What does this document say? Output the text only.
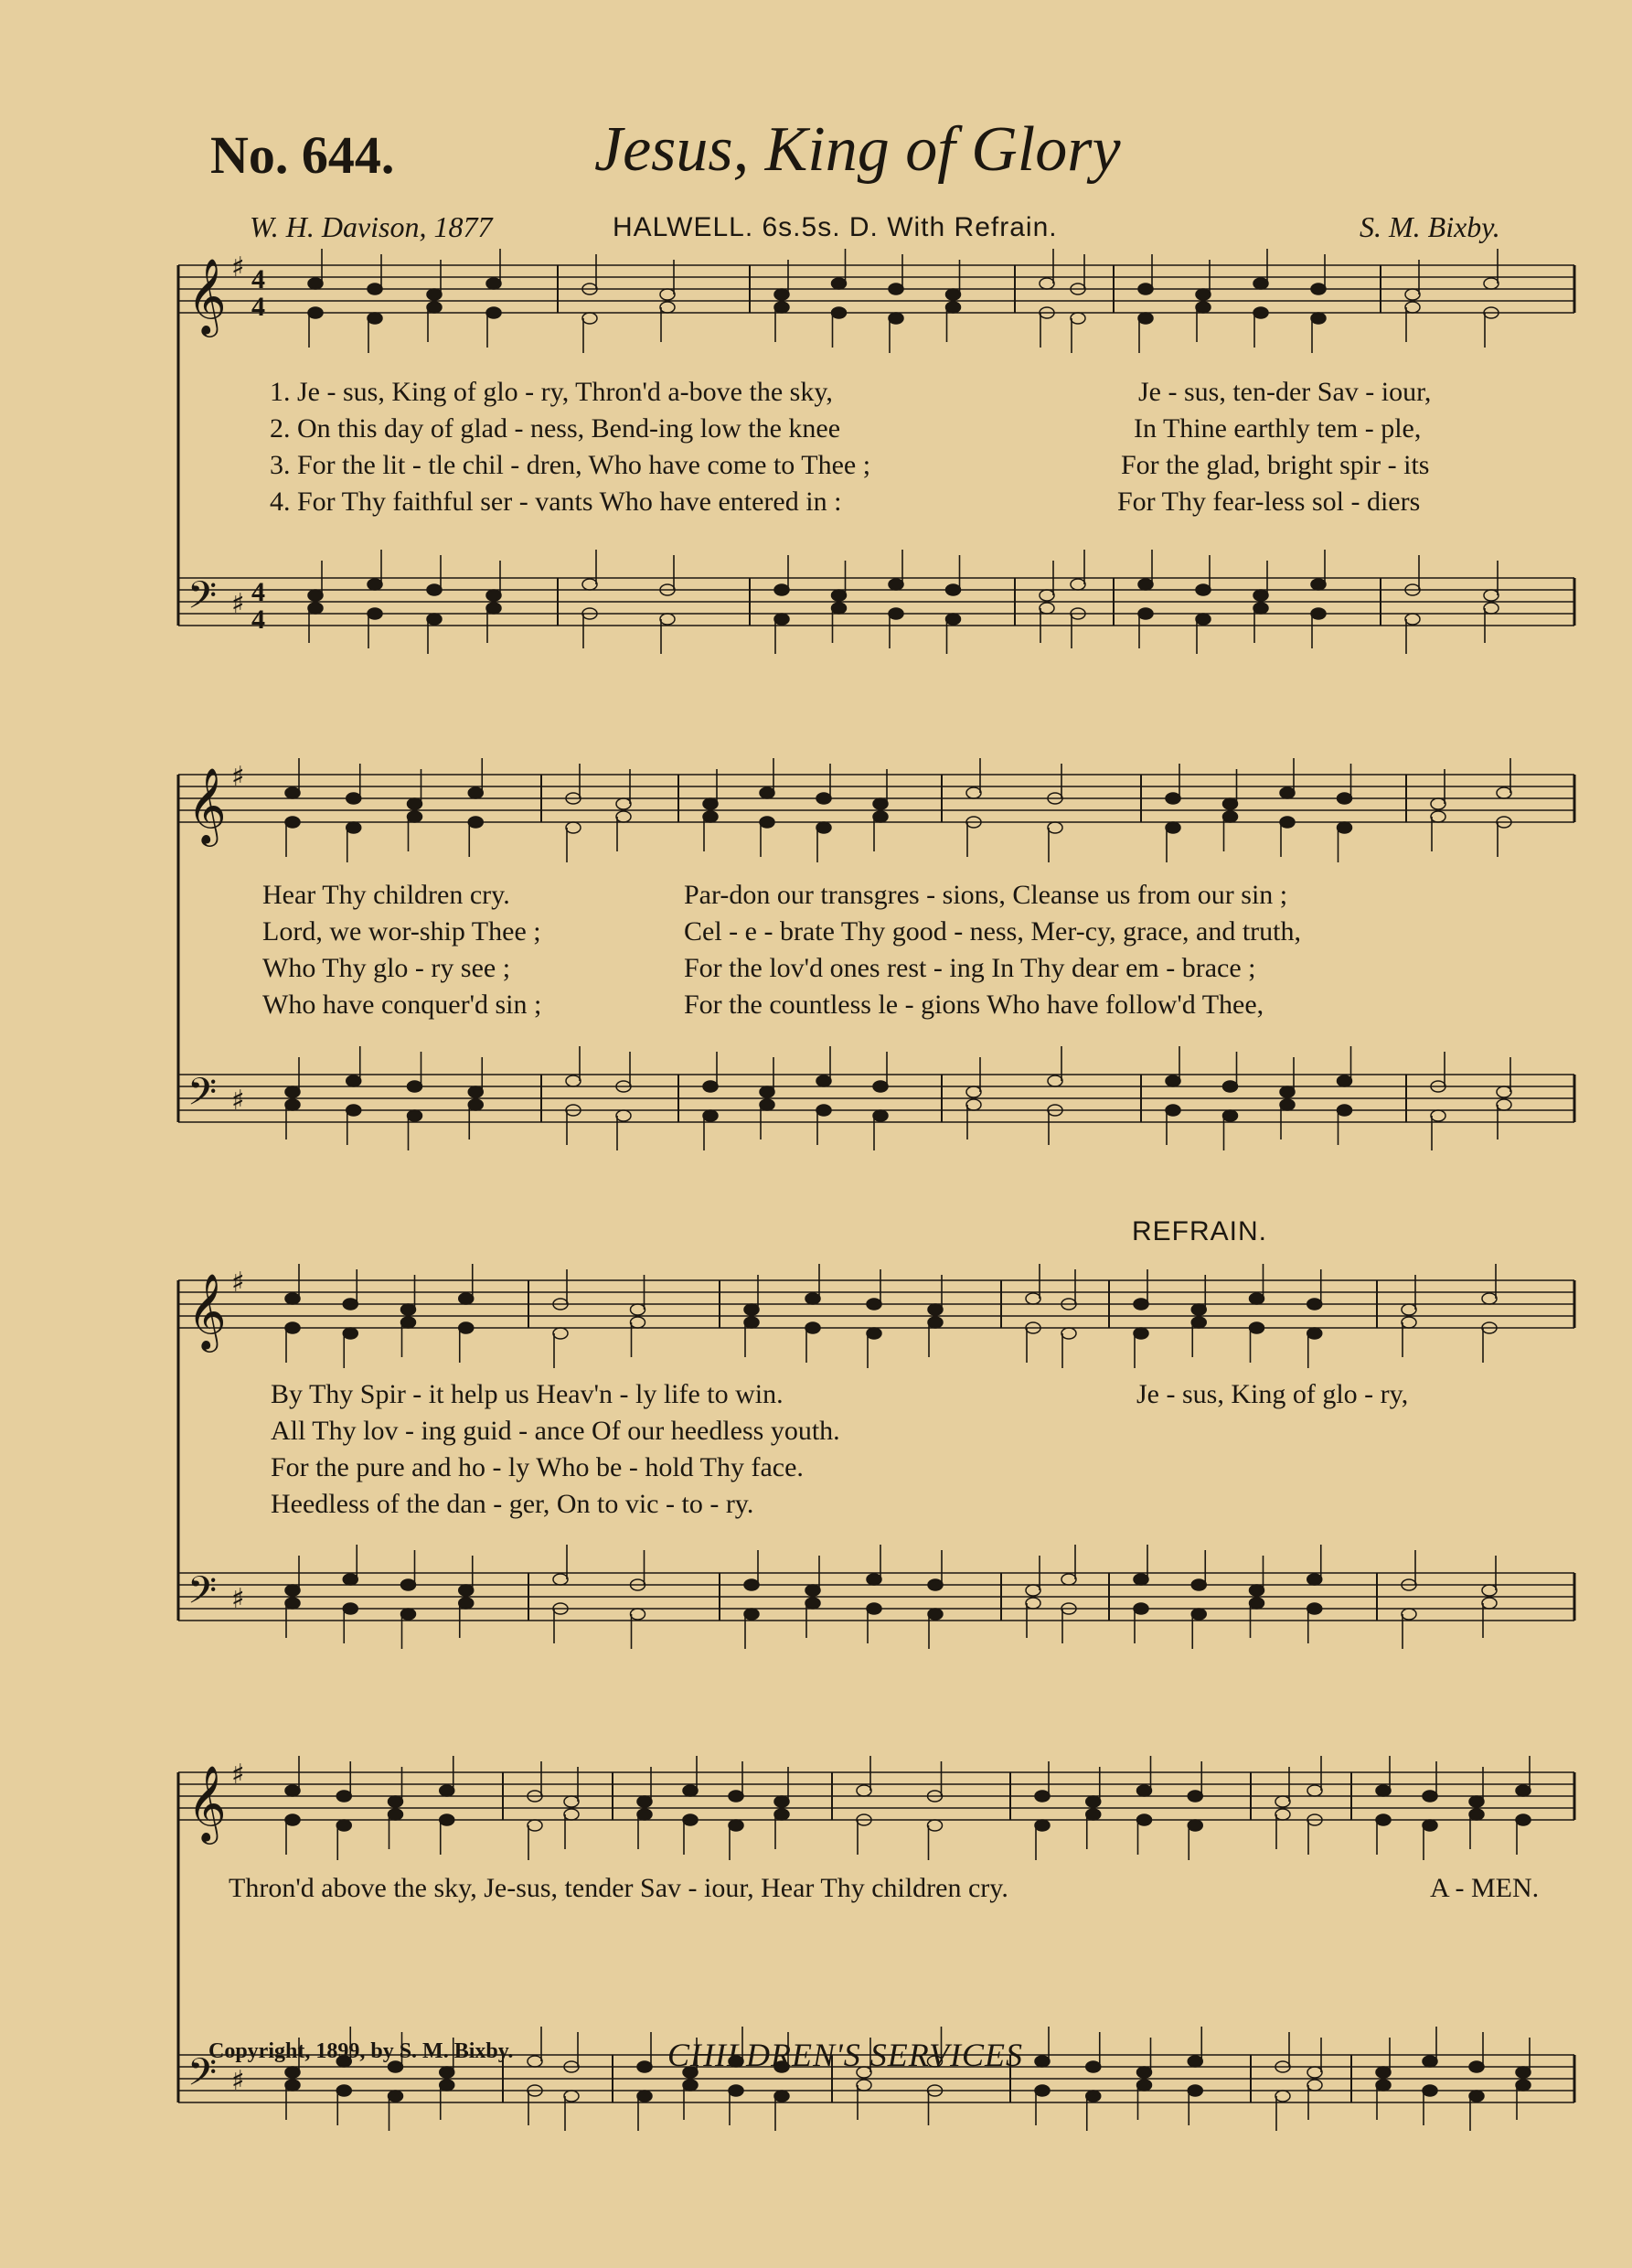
No. 644.	Jesus, King of Glory
W. H. Davison, 1877	HALWELL. 6s.5s. D. With Refrain.	S. M. Bixby.
𝄞 ♯ 4
4
𝄢 ♯ 4
4
𝄞 ♯
𝄢 ♯
𝄞 ♯
𝄢 ♯
𝄞 ♯
𝄢 ♯
REFRAIN.
1. Je - sus, King of glo - ry, Thron'd a-bove the sky,	Je - sus, ten-der Sav - iour,
2. On this day of glad - ness, Bend-ing low the knee	In Thine earthly tem - ple,
3. For the lit - tle chil - dren, Who have come to Thee ;	For the glad, bright spir - its
4. For Thy faithful ser - vants Who have entered in :	For Thy fear-less sol - diers
Hear Thy children cry.	Par-don our transgres - sions, Cleanse us from our sin ;
Lord, we wor-ship Thee ;	Cel - e - brate Thy good - ness, Mer-cy, grace, and truth,
Who Thy glo - ry see ;	For the lov'd ones rest - ing In Thy dear em - brace ;
Who have conquer'd sin ;	For the countless le - gions Who have follow'd Thee,
By Thy Spir - it help us Heav'n - ly life to win.	Je - sus, King of glo - ry,
All Thy lov - ing guid - ance Of our heedless youth.
For the pure and ho - ly Who be - hold Thy face.
Heedless of the dan - ger, On to vic - to - ry.
Thron'd above the sky, Je-sus, tender Sav - iour, Hear Thy children cry.	A - MEN.
Copyright, 1899, by S. M. Bixby.	CHILDREN'S SERVICES
